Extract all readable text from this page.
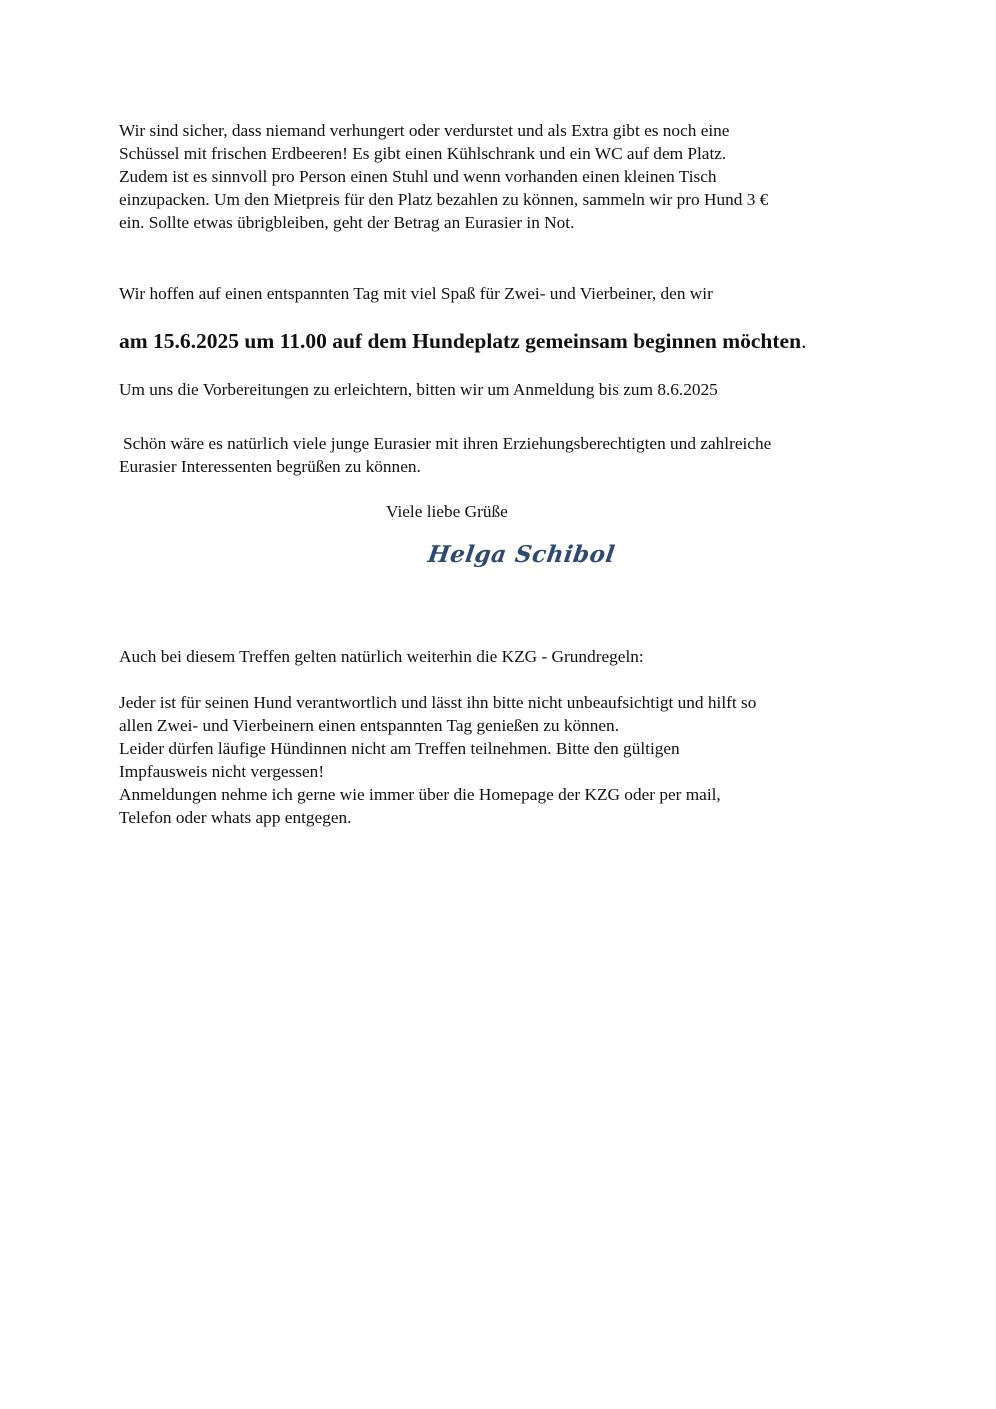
Wir sind sicher, dass niemand verhungert oder verdurstet und als Extra gibt es noch eine
Schüssel mit frischen Erdbeeren! Es gibt einen Kühlschrank und ein WC auf dem Platz.
Zudem ist es sinnvoll pro Person einen Stuhl und wenn vorhanden einen kleinen Tisch
einzupacken. Um den Mietpreis für den Platz bezahlen zu können, sammeln wir pro Hund 3 €
ein. Sollte etwas übrigbleiben, geht der Betrag an Eurasier in Not.

Wir hoffen auf einen entspannten Tag mit viel Spaß für Zwei- und Vierbeiner, den wir

am 15.6.2025 um 11.00 auf dem Hundeplatz gemeinsam beginnen möchten.

Um uns die Vorbereitungen zu erleichtern, bitten wir um Anmeldung bis zum 8.6.2025

Schön wäre es natürlich viele junge Eurasier mit ihren Erziehungsberechtigten und zahlreiche
Eurasier Interessenten begrüßen zu können.

Viele liebe Grüße
Helga Schibol

Auch bei diesem Treffen gelten natürlich weiterhin die KZG - Grundregeln:

Jeder ist für seinen Hund verantwortlich und lässt ihn bitte nicht unbeaufsichtigt und hilft so
allen Zwei- und Vierbeinern einen entspannten Tag genießen zu können.
Leider dürfen läufige Hündinnen nicht am Treffen teilnehmen. Bitte den gültigen
Impfausweis nicht vergessen!
Anmeldungen nehme ich gerne wie immer über die Homepage der KZG oder per mail,
Telefon oder whats app entgegen.
